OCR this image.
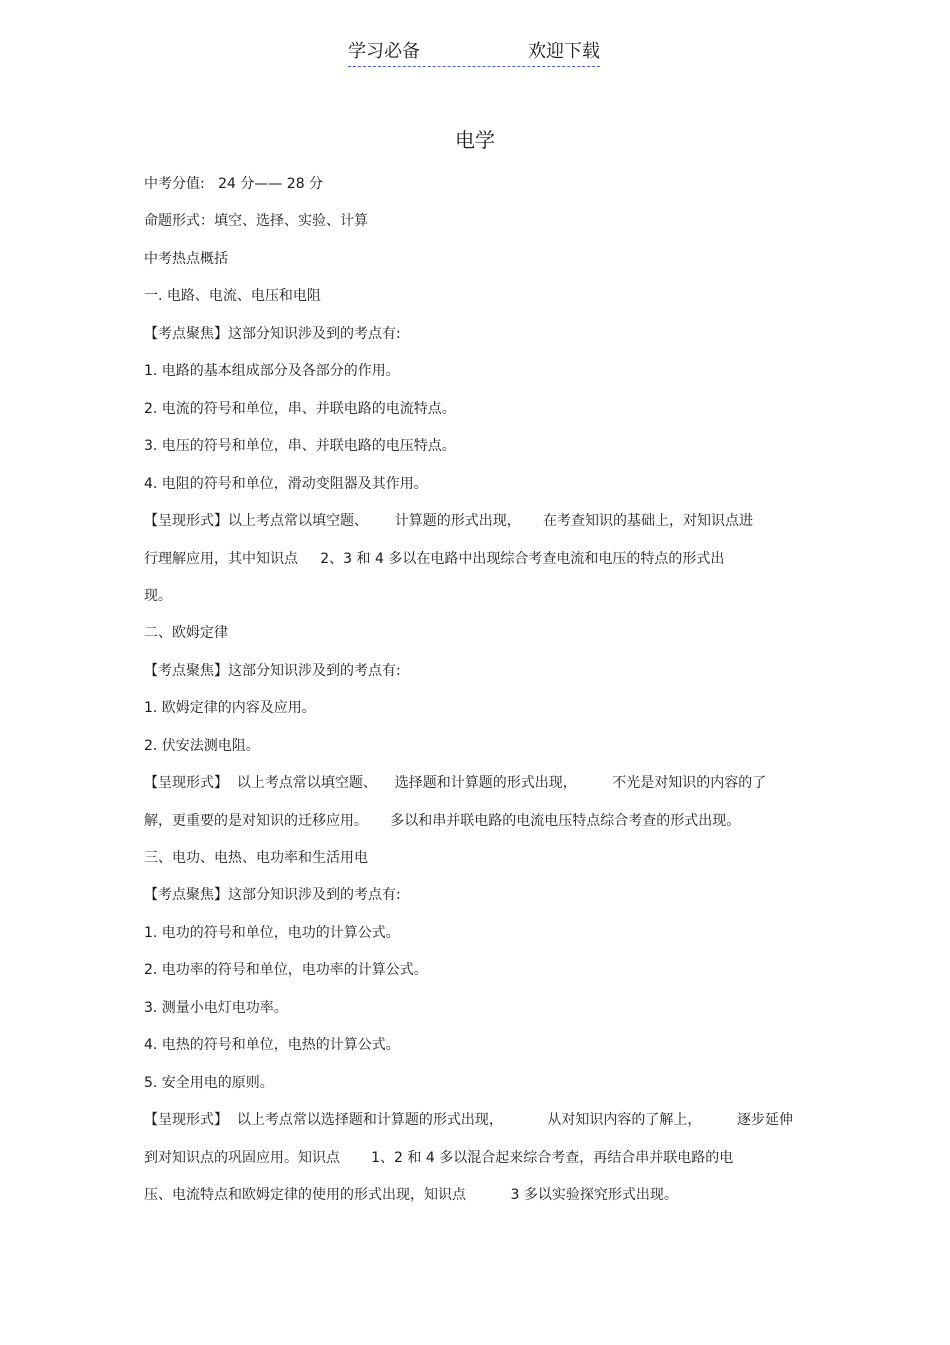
学习必备	欢迎下载
电学

中考分值:   24 分—— 28 分

命题形式：填空、选择、实验、计算

中考热点概括

一. 电路、电流、电压和电阻

【考点聚焦】这部分知识涉及到的考点有:

1. 电路的基本组成部分及各部分的作用。

2. 电流的符号和单位，串、并联电路的电流特点。

3. 电压的符号和单位，串、并联电路的电压特点。

4. 电阻的符号和单位，滑动变阻器及其作用。

【呈现形式】以上考点常以填空题、      计算题的形式出现，     在考查知识的基础上，对知识点进

行理解应用，其中知识点     2、3 和 4 多以在电路中出现综合考查电流和电压的特点的形式出

现。

二、欧姆定律

【考点聚焦】这部分知识涉及到的考点有:

1. 欧姆定律的内容及应用。

2. 伏安法测电阻。

【呈现形式】  以上考点常以填空题、    选择题和计算题的形式出现，        不光是对知识的内容的了

解，更重要的是对知识的迁移应用。     多以和串并联电路的电流电压特点综合考查的形式出现。

三、电功、电热、电功率和生活用电

【考点聚焦】这部分知识涉及到的考点有:

1. 电功的符号和单位，电功的计算公式。

2. 电功率的符号和单位，电功率的计算公式。

3. 测量小电灯电功率。

4. 电热的符号和单位，电热的计算公式。

5. 安全用电的原则。

【呈现形式】  以上考点常以选择题和计算题的形式出现，          从对知识内容的了解上，        逐步延伸

到对知识点的巩固应用。知识点       1、2 和 4 多以混合起来综合考查，再结合串并联电路的电

压、电流特点和欧姆定律的使用的形式出现，知识点          3 多以实验探究形式出现。
